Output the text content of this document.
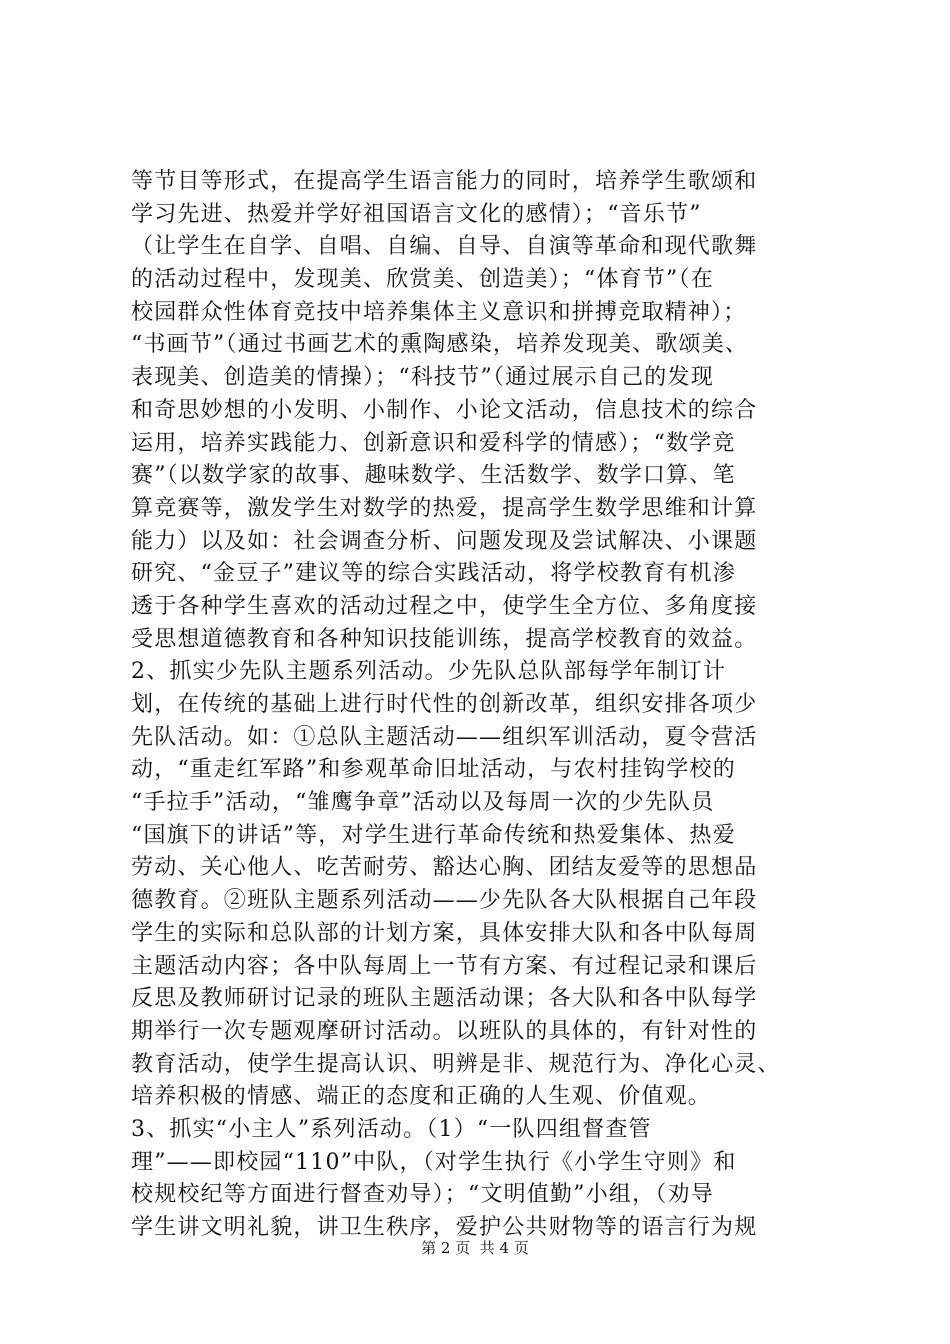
等节目等形式，在提高学生语言能力的同时，培养学生歌颂和
学习先进、热爱并学好祖国语言文化的感情）；“音乐节”
（让学生在自学、自唱、自编、自导、自演等革命和现代歌舞
的活动过程中，发现美、欣赏美、创造美）；“体育节”（在
校园群众性体育竞技中培养集体主义意识和拼搏竞取精神）；
“书画节”（通过书画艺术的熏陶感染，培养发现美、歌颂美、
表现美、创造美的情操）；“科技节”（通过展示自己的发现
和奇思妙想的小发明、小制作、小论文活动，信息技术的综合
运用，培养实践能力、创新意识和爱科学的情感）；“数学竞
赛”（以数学家的故事、趣味数学、生活数学、数学口算、笔
算竞赛等，激发学生对数学的热爱，提高学生数学思维和计算
能力）以及如：社会调查分析、问题发现及尝试解决、小课题
研究、“金豆子”建议等的综合实践活动，将学校教育有机渗
透于各种学生喜欢的活动过程之中，使学生全方位、多角度接
受思想道德教育和各种知识技能训练，提高学校教育的效益。
2、抓实少先队主题系列活动。少先队总队部每学年制订计
划，在传统的基础上进行时代性的创新改革，组织安排各项少
先队活动。如：①总队主题活动——组织军训活动，夏令营活
动，“重走红军路”和参观革命旧址活动，与农村挂钩学校的
“手拉手”活动，“雏鹰争章”活动以及每周一次的少先队员
“国旗下的讲话”等，对学生进行革命传统和热爱集体、热爱
劳动、关心他人、吃苦耐劳、豁达心胸、团结友爱等的思想品
德教育。②班队主题系列活动——少先队各大队根据自己年段
学生的实际和总队部的计划方案，具体安排大队和各中队每周
主题活动内容；各中队每周上一节有方案、有过程记录和课后
反思及教师研讨记录的班队主题活动课；各大队和各中队每学
期举行一次专题观摩研讨活动。以班队的具体的，有针对性的
教育活动，使学生提高认识、明辨是非、规范行为、净化心灵、
培养积极的情感、端正的态度和正确的人生观、价值观。
3、抓实“小主人”系列活动。（1）“一队四组督查管
理”——即校园“110”中队，（对学生执行《小学生守则》和
校规校纪等方面进行督查劝导）；“文明值勤”小组，（劝导
学生讲文明礼貌，讲卫生秩序，爱护公共财物等的语言行为规
第 2 页  共 4 页
